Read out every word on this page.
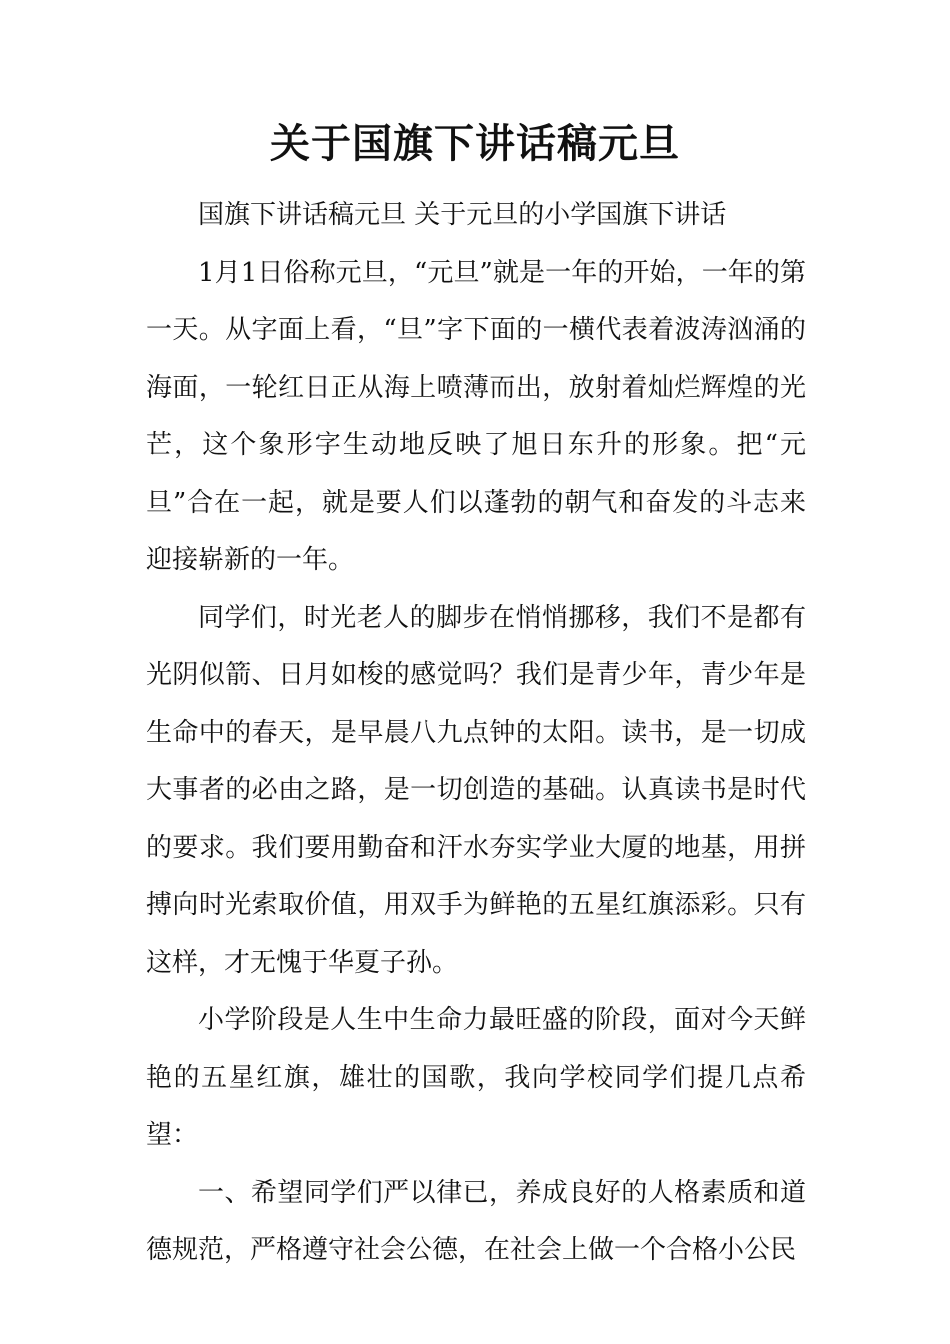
关于国旗下讲话稿元旦

国旗下讲话稿元旦 关于元旦的小学国旗下讲话

1月1日俗称元旦，“元旦”就是一年的开始，一年的第一天。从字面上看，“旦”字下面的一横代表着波涛汹涌的海面，一轮红日正从海上喷薄而出，放射着灿烂辉煌的光芒，这个象形字生动地反映了旭日东升的形象。把“元旦”合在一起，就是要人们以蓬勃的朝气和奋发的斗志来迎接崭新的一年。

同学们，时光老人的脚步在悄悄挪移，我们不是都有光阴似箭、日月如梭的感觉吗？我们是青少年，青少年是生命中的春天，是早晨八九点钟的太阳。读书，是一切成大事者的必由之路，是一切创造的基础。认真读书是时代的要求。我们要用勤奋和汗水夯实学业大厦的地基，用拼搏向时光索取价值，用双手为鲜艳的五星红旗添彩。只有这样，才无愧于华夏子孙。

小学阶段是人生中生命力最旺盛的阶段，面对今天鲜艳的五星红旗，雄壮的国歌，我向学校同学们提几点希望：

一、希望同学们严以律已，养成良好的人格素质和道德规范，严格遵守社会公德，在社会上做一个合格小公民
